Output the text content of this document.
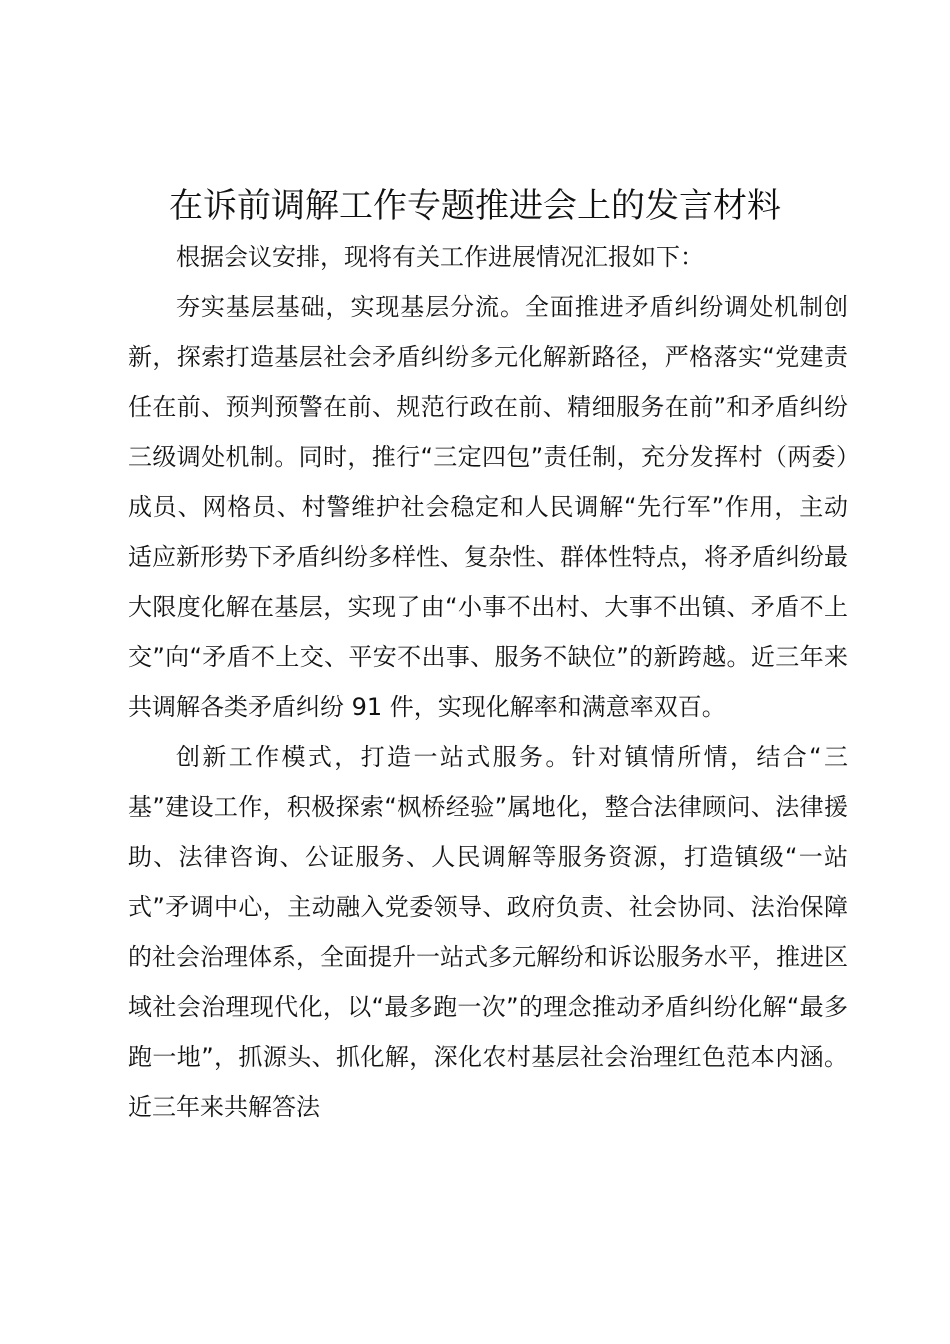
在诉前调解工作专题推进会上的发言材料

根据会议安排，现将有关工作进展情况汇报如下：

夯实基层基础，实现基层分流。全面推进矛盾纠纷调处机制创新，探索打造基层社会矛盾纠纷多元化解新路径，严格落实“党建责任在前、预判预警在前、规范行政在前、精细服务在前”和矛盾纠纷三级调处机制。同时，推行“三定四包”责任制，充分发挥村（两委）成员、网格员、村警维护社会稳定和人民调解“先行军”作用，主动适应新形势下矛盾纠纷多样性、复杂性、群体性特点，将矛盾纠纷最大限度化解在基层，实现了由“小事不出村、大事不出镇、矛盾不上交”向“矛盾不上交、平安不出事、服务不缺位”的新跨越。近三年来共调解各类矛盾纠纷 91 件，实现化解率和满意率双百。

创新工作模式，打造一站式服务。针对镇情所情，结合“三基”建设工作，积极探索“枫桥经验”属地化，整合法律顾问、法律援助、法律咨询、公证服务、人民调解等服务资源，打造镇级“一站式”矛调中心，主动融入党委领导、政府负责、社会协同、法治保障的社会治理体系，全面提升一站式多元解纷和诉讼服务水平，推进区域社会治理现代化，以“最多跑一次”的理念推动矛盾纠纷化解“最多跑一地”，抓源头、抓化解，深化农村基层社会治理红色范本内涵。近三年来共解答法
